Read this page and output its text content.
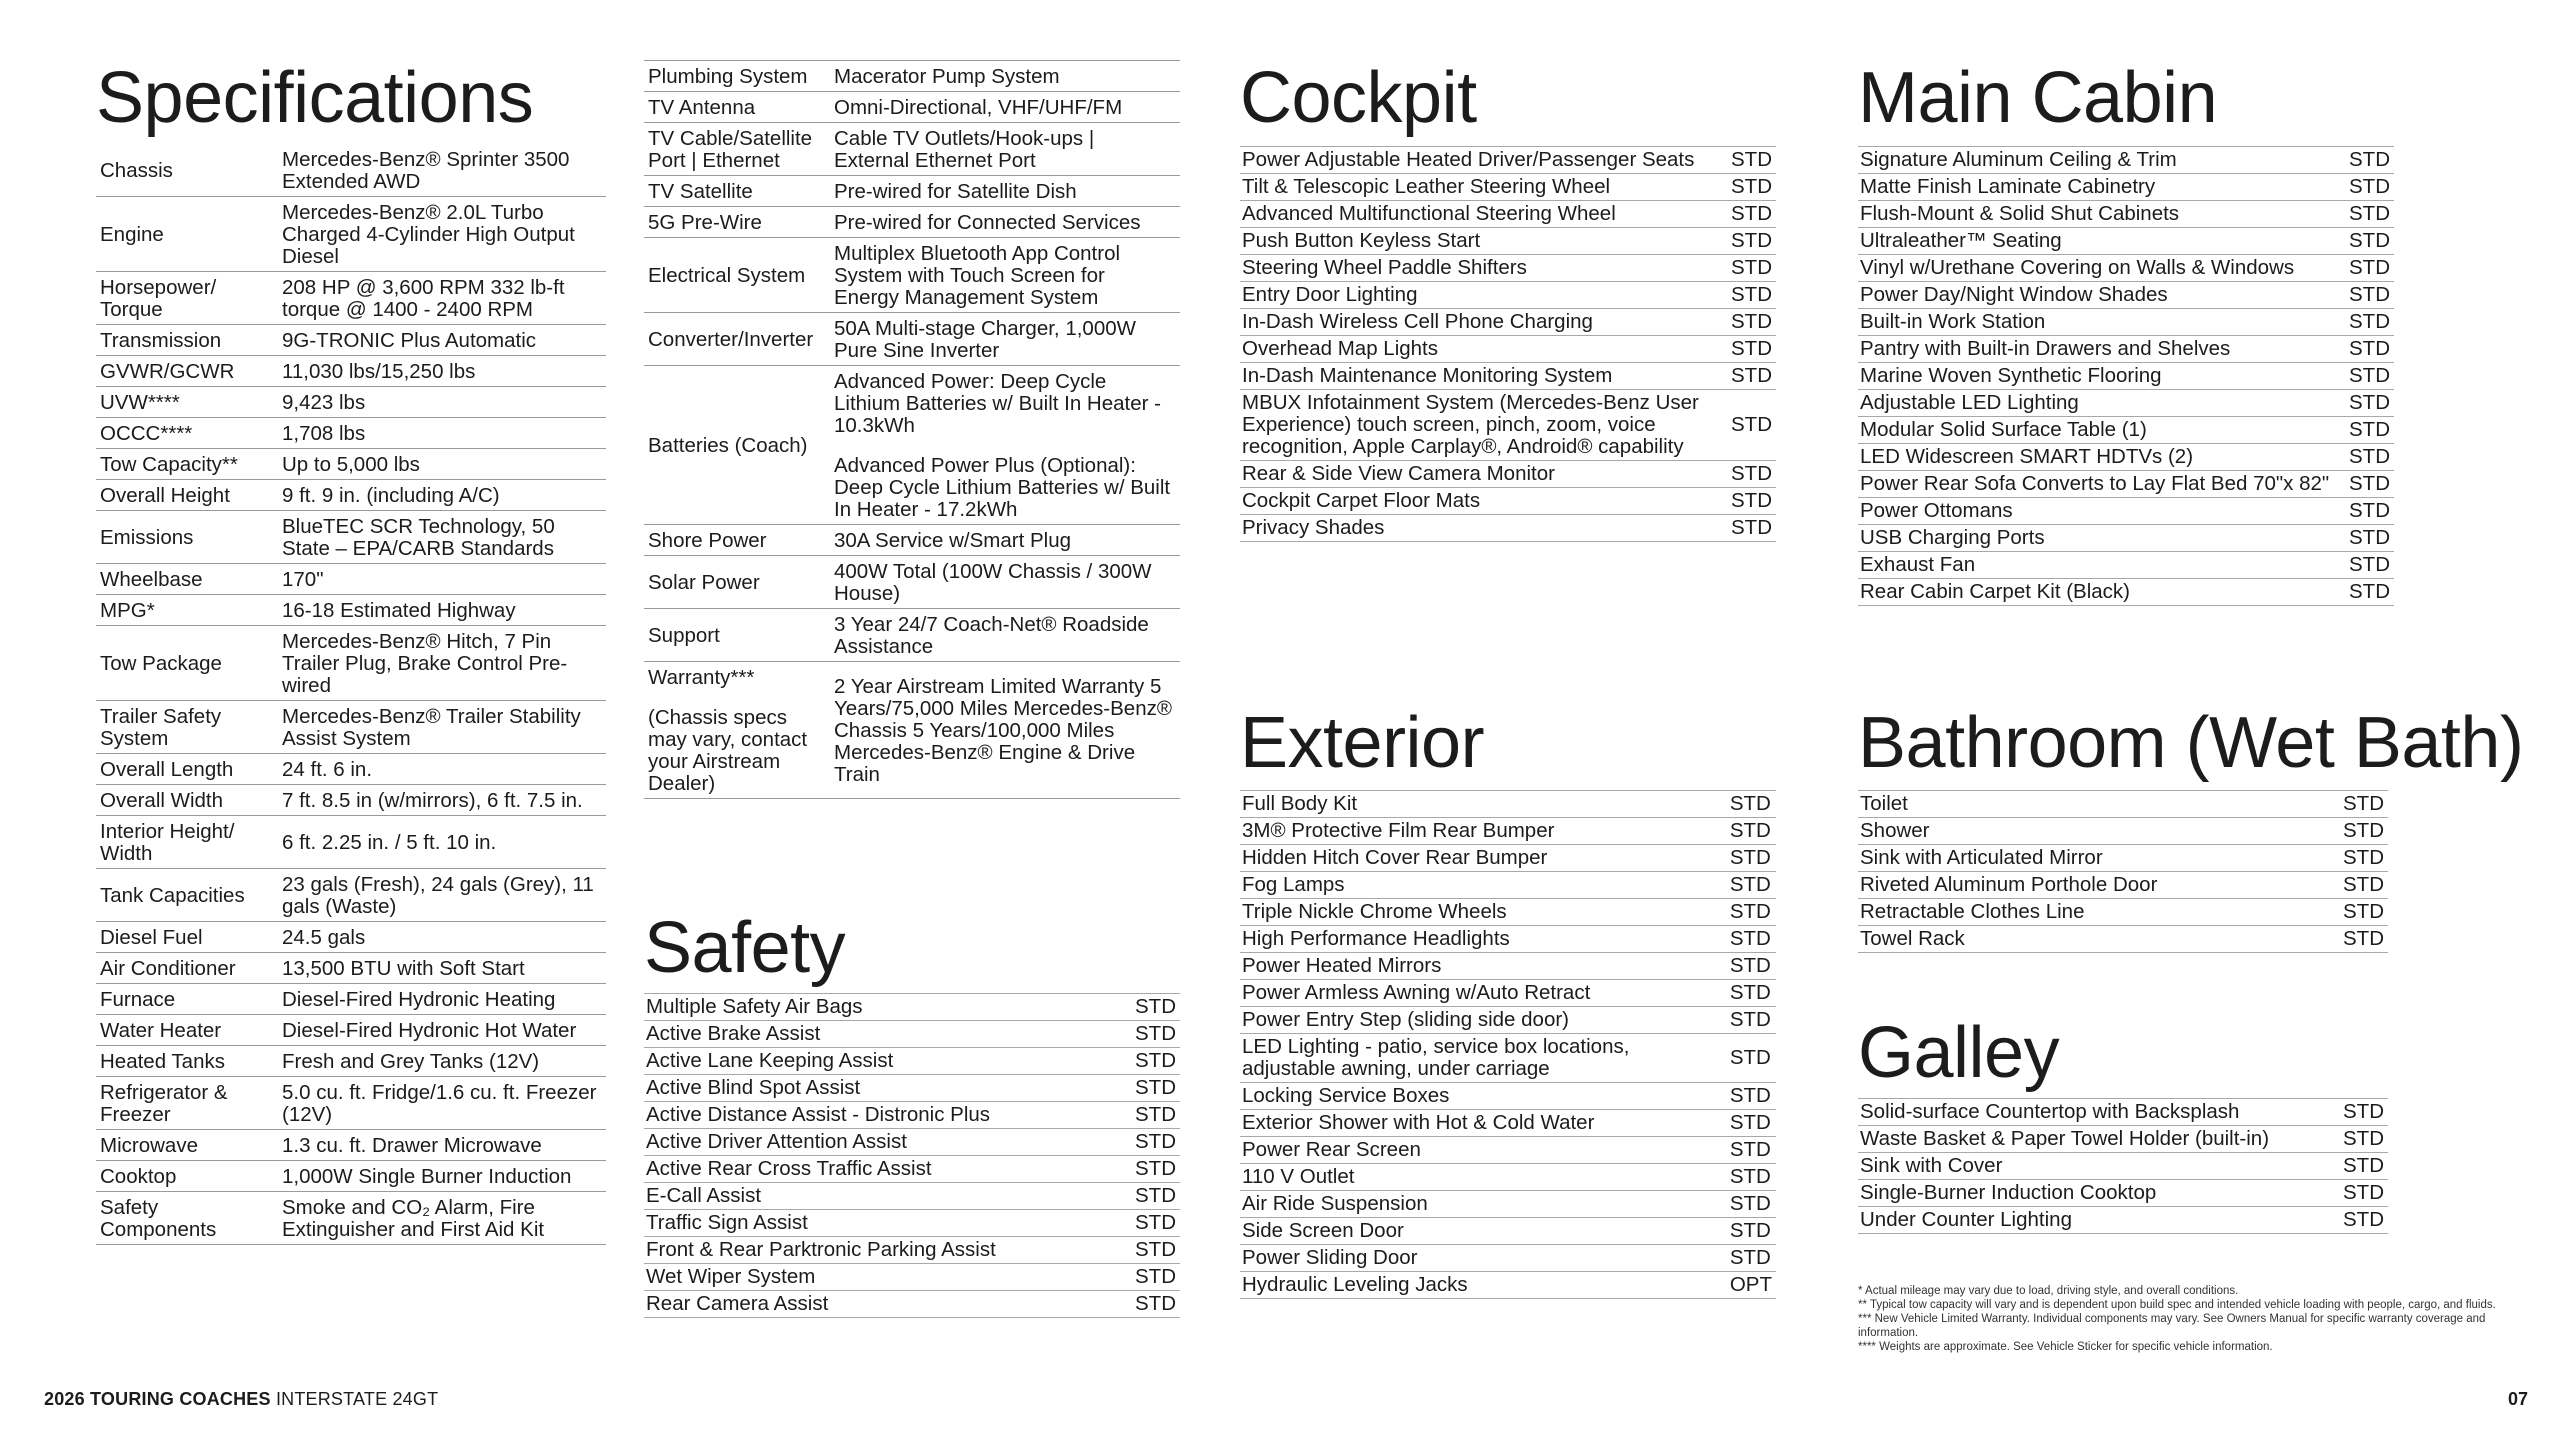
Specifications
Chassis	Mercedes-Benz® Sprinter 3500 Extended AWD

Engine	Mercedes-Benz® 2.0L Turbo Charged 4-Cylinder High Output Diesel

Horsepower/ Torque	208 HP @ 3,600 RPM 332 lb-ft torque @ 1400 - 2400 RPM

Transmission	9G-TRONIC Plus Automatic

GVWR/GCWR	11,030 lbs/15,250 lbs

UVW****	9,423 lbs

OCCC****	1,708 lbs

Tow Capacity**	Up to 5,000 lbs

Overall Height	9 ft. 9 in. (including A/C)

Emissions	BlueTEC SCR Technology, 50 State – EPA/CARB Standards

Wheelbase	170"

MPG*	16-18 Estimated Highway

Tow Package	Mercedes-Benz® Hitch, 7 Pin Trailer Plug, Brake Control Pre-wired

Trailer Safety System	Mercedes-Benz® Trailer Stability Assist System

Overall Length	24 ft. 6 in.

Overall Width	7 ft. 8.5 in (w/mirrors), 6 ft. 7.5 in.

Interior Height/ Width	6 ft. 2.25 in. / 5 ft. 10 in.

Tank Capacities	23 gals (Fresh), 24 gals (Grey), 11 gals (Waste)

Diesel Fuel	24.5 gals

Air Conditioner	13,500 BTU with Soft Start

Furnace	Diesel-Fired Hydronic Heating

Water Heater	Diesel-Fired Hydronic Hot Water

Heated Tanks	Fresh and Grey Tanks (12V)

Refrigerator & Freezer	5.0 cu. ft. Fridge/1.6 cu. ft. Freezer (12V)

Microwave	1.3 cu. ft. Drawer Microwave

Cooktop	1,000W Single Burner Induction

Safety Components	Smoke and CO₂ Alarm, Fire Extinguisher and First Aid Kit
Plumbing System	Macerator Pump System

TV Antenna	Omni-Directional, VHF/UHF/FM

TV Cable/Satellite Port | Ethernet	Cable TV Outlets/Hook-ups | External Ethernet Port

TV Satellite	Pre-wired for Satellite Dish

5G Pre-Wire	Pre-wired for Connected Services

Electrical System	Multiplex Bluetooth App Control System with Touch Screen for Energy Management System

Converter/Inverter	50A Multi-stage Charger, 1,000W Pure Sine Inverter

Batteries (Coach)	Advanced Power: Deep Cycle Lithium Batteries w/ Built In Heater - 10.3kWh
Advanced Power Plus (Optional): Deep Cycle Lithium Batteries w/ Built In Heater - 17.2kWh

Shore Power	30A Service w/Smart Plug

Solar Power	400W Total (100W Chassis / 300W House)

Support	3 Year 24/7 Coach-Net® Roadside Assistance

Warranty***
(Chassis specs may vary, contact your Airstream Dealer)	2 Year Airstream Limited Warranty 5 Years/75,000 Miles Mercedes-Benz® Chassis 5 Years/100,000 Miles Mercedes-Benz® Engine & Drive Train
Safety
Multiple Safety Air Bags	STD
Active Brake Assist	STD
Active Lane Keeping Assist	STD
Active Blind Spot Assist	STD
Active Distance Assist - Distronic Plus	STD
Active Driver Attention Assist	STD
Active Rear Cross Traffic Assist	STD
E-Call Assist	STD
Traffic Sign Assist	STD
Front & Rear Parktronic Parking Assist	STD
Wet Wiper System	STD
Rear Camera Assist	STD
Cockpit
Power Adjustable Heated Driver/Passenger Seats	STD
Tilt & Telescopic Leather Steering Wheel	STD
Advanced Multifunctional Steering Wheel	STD
Push Button Keyless Start	STD
Steering Wheel Paddle Shifters	STD
Entry Door Lighting	STD
In-Dash Wireless Cell Phone Charging	STD
Overhead Map Lights	STD
In-Dash Maintenance Monitoring System	STD
MBUX Infotainment System (Mercedes-Benz User Experience) touch screen, pinch, zoom, voice recognition, Apple Carplay®, Android® capability	STD
Rear & Side View Camera Monitor	STD
Cockpit Carpet Floor Mats	STD
Privacy Shades	STD
Exterior
Full Body Kit	STD
3M® Protective Film Rear Bumper	STD
Hidden Hitch Cover Rear Bumper	STD
Fog Lamps	STD
Triple Nickle Chrome Wheels	STD
High Performance Headlights	STD
Power Heated Mirrors	STD
Power Armless Awning w/Auto Retract	STD
Power Entry Step (sliding side door)	STD
LED Lighting - patio, service box locations, adjustable awning, under carriage	STD
Locking Service Boxes	STD
Exterior Shower with Hot & Cold Water	STD
Power Rear Screen	STD
110 V Outlet	STD
Air Ride Suspension	STD
Side Screen Door	STD
Power Sliding Door	STD
Hydraulic Leveling Jacks	OPT
Main Cabin
Signature Aluminum Ceiling & Trim	STD
Matte Finish Laminate Cabinetry	STD
Flush-Mount & Solid Shut Cabinets	STD
Ultraleather™ Seating	STD
Vinyl w/Urethane Covering on Walls & Windows	STD
Power Day/Night Window Shades	STD
Built-in Work Station	STD
Pantry with Built-in Drawers and Shelves	STD
Marine Woven Synthetic Flooring	STD
Adjustable LED Lighting	STD
Modular Solid Surface Table (1)	STD
LED Widescreen SMART HDTVs (2)	STD
Power Rear Sofa Converts to Lay Flat Bed 70"x 82"	STD
Power Ottomans	STD
USB Charging Ports	STD
Exhaust Fan	STD
Rear Cabin Carpet Kit (Black)	STD
Bathroom (Wet Bath)
Toilet	STD
Shower	STD
Sink with Articulated Mirror	STD
Riveted Aluminum Porthole Door	STD
Retractable Clothes Line	STD
Towel Rack	STD
Galley
Solid-surface Countertop with Backsplash	STD
Waste Basket & Paper Towel Holder (built-in)	STD
Sink with Cover	STD
Single-Burner Induction Cooktop	STD
Under Counter Lighting	STD
* Actual mileage may vary due to load, driving style, and overall conditions.
** Typical tow capacity will vary and is dependent upon build spec and intended vehicle loading with people, cargo, and fluids.
*** New Vehicle Limited Warranty. Individual components may vary. See Owners Manual for specific warranty coverage and information.
**** Weights are approximate. See Vehicle Sticker for specific vehicle information.
2026 TOURING COACHES INTERSTATE 24GT	07
